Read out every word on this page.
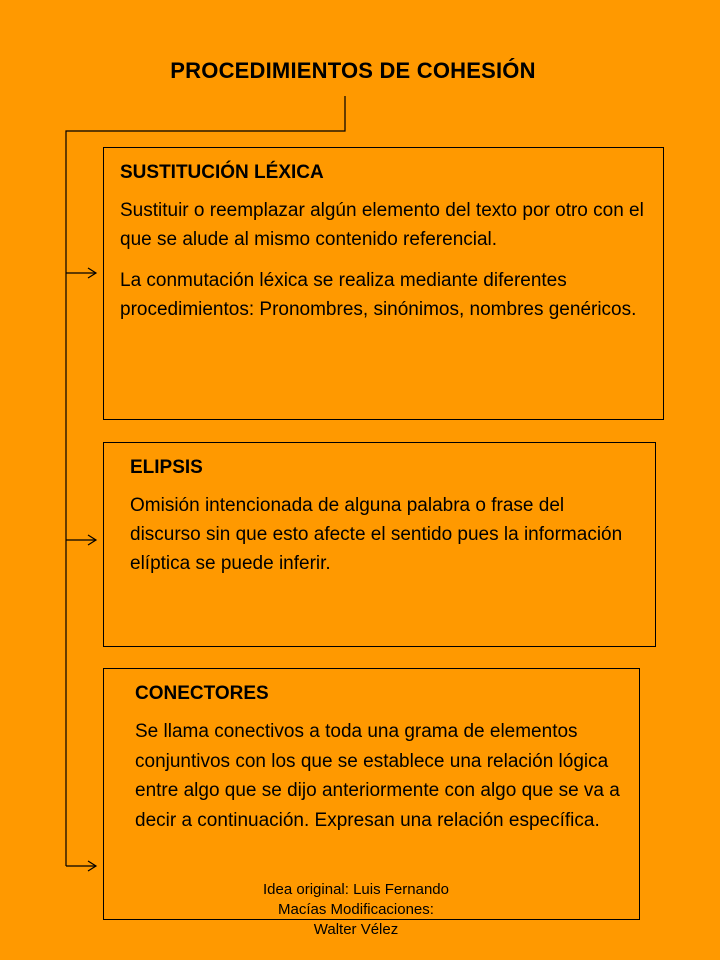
PROCEDIMIENTOS DE COHESIÓN
SUSTITUCIÓN LÉXICA

Sustituir o reemplazar algún elemento del texto por otro con el que se alude al mismo contenido referencial.

La conmutación léxica se realiza mediante diferentes procedimientos: Pronombres, sinónimos, nombres genéricos.

ELIPSIS

Omisión intencionada de alguna palabra o frase del discurso sin que esto afecte el sentido pues la información elíptica se puede inferir.

CONECTORES

Se llama conectivos a toda una grama de elementos conjuntivos con los que se establece una relación lógica entre algo que se dijo anteriormente con algo que se va a decir a continuación. Expresan una relación específica.

Idea original: Luis Fernando Macías Modificaciones: Walter Vélez
